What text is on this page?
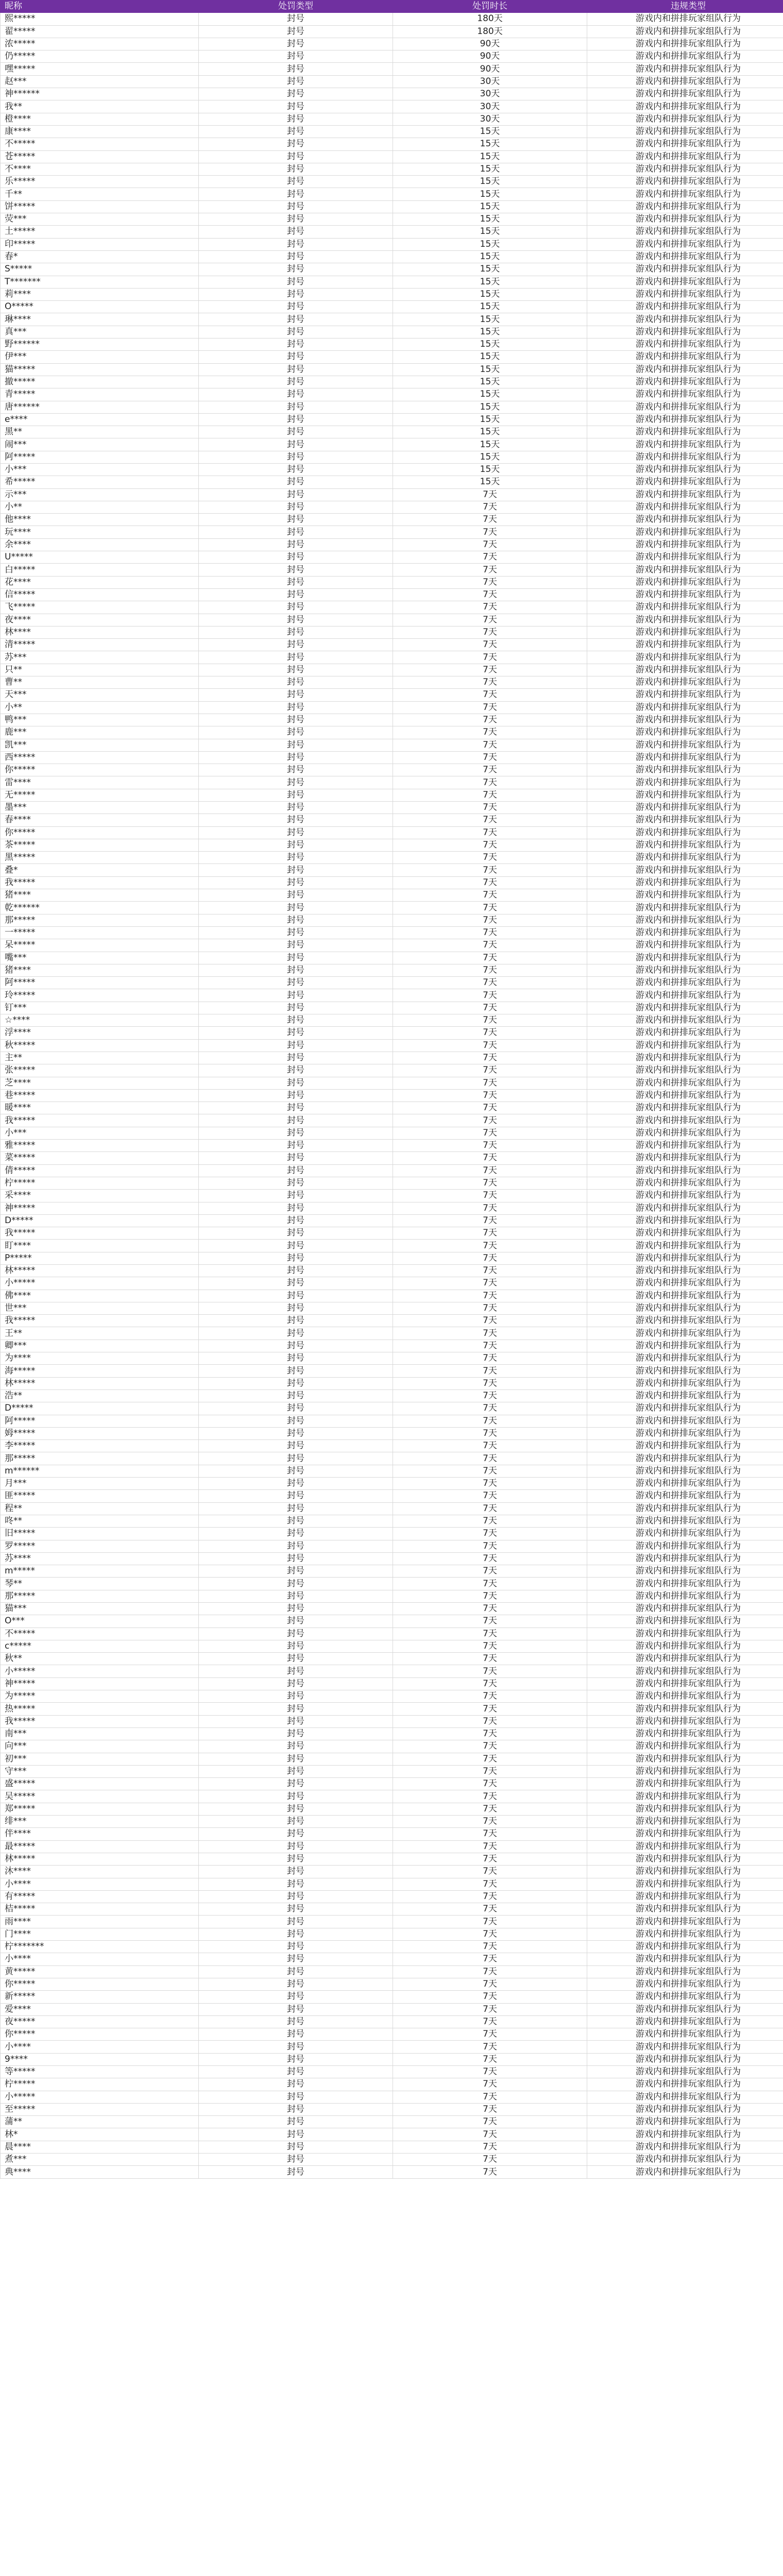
昵称	处罚类型	处罚时长	违规类型
熙*****	封号	180天	游戏内和拼排玩家组队行为
翟*****	封号	180天	游戏内和拼排玩家组队行为
浓*****	封号	90天	游戏内和拼排玩家组队行为
仍*****	封号	90天	游戏内和拼排玩家组队行为
嘿*****	封号	90天	游戏内和拼排玩家组队行为
赵***	封号	30天	游戏内和拼排玩家组队行为
神******	封号	30天	游戏内和拼排玩家组队行为
我**	封号	30天	游戏内和拼排玩家组队行为
橙****	封号	30天	游戏内和拼排玩家组队行为
康****	封号	15天	游戏内和拼排玩家组队行为
不*****	封号	15天	游戏内和拼排玩家组队行为
苍*****	封号	15天	游戏内和拼排玩家组队行为
不****	封号	15天	游戏内和拼排玩家组队行为
乐*****	封号	15天	游戏内和拼排玩家组队行为
千**	封号	15天	游戏内和拼排玩家组队行为
饼*****	封号	15天	游戏内和拼排玩家组队行为
荧***	封号	15天	游戏内和拼排玩家组队行为
土*****	封号	15天	游戏内和拼排玩家组队行为
印*****	封号	15天	游戏内和拼排玩家组队行为
春*	封号	15天	游戏内和拼排玩家组队行为
S*****	封号	15天	游戏内和拼排玩家组队行为
T*******	封号	15天	游戏内和拼排玩家组队行为
莉****	封号	15天	游戏内和拼排玩家组队行为
O*****	封号	15天	游戏内和拼排玩家组队行为
琳****	封号	15天	游戏内和拼排玩家组队行为
真***	封号	15天	游戏内和拼排玩家组队行为
野******	封号	15天	游戏内和拼排玩家组队行为
伊***	封号	15天	游戏内和拼排玩家组队行为
猫*****	封号	15天	游戏内和拼排玩家组队行为
撤*****	封号	15天	游戏内和拼排玩家组队行为
青*****	封号	15天	游戏内和拼排玩家组队行为
唐******	封号	15天	游戏内和拼排玩家组队行为
e****	封号	15天	游戏内和拼排玩家组队行为
黑**	封号	15天	游戏内和拼排玩家组队行为
闹***	封号	15天	游戏内和拼排玩家组队行为
阿*****	封号	15天	游戏内和拼排玩家组队行为
小***	封号	15天	游戏内和拼排玩家组队行为
希*****	封号	15天	游戏内和拼排玩家组队行为
示***	封号	7天	游戏内和拼排玩家组队行为
小**	封号	7天	游戏内和拼排玩家组队行为
他****	封号	7天	游戏内和拼排玩家组队行为
玩****	封号	7天	游戏内和拼排玩家组队行为
余****	封号	7天	游戏内和拼排玩家组队行为
U*****	封号	7天	游戏内和拼排玩家组队行为
白*****	封号	7天	游戏内和拼排玩家组队行为
花****	封号	7天	游戏内和拼排玩家组队行为
信*****	封号	7天	游戏内和拼排玩家组队行为
飞*****	封号	7天	游戏内和拼排玩家组队行为
夜****	封号	7天	游戏内和拼排玩家组队行为
林****	封号	7天	游戏内和拼排玩家组队行为
清*****	封号	7天	游戏内和拼排玩家组队行为
苏***	封号	7天	游戏内和拼排玩家组队行为
只**	封号	7天	游戏内和拼排玩家组队行为
曹**	封号	7天	游戏内和拼排玩家组队行为
天***	封号	7天	游戏内和拼排玩家组队行为
小**	封号	7天	游戏内和拼排玩家组队行为
鸭***	封号	7天	游戏内和拼排玩家组队行为
鹿***	封号	7天	游戏内和拼排玩家组队行为
凯***	封号	7天	游戏内和拼排玩家组队行为
西*****	封号	7天	游戏内和拼排玩家组队行为
你*****	封号	7天	游戏内和拼排玩家组队行为
雷****	封号	7天	游戏内和拼排玩家组队行为
无*****	封号	7天	游戏内和拼排玩家组队行为
墨***	封号	7天	游戏内和拼排玩家组队行为
春****	封号	7天	游戏内和拼排玩家组队行为
你*****	封号	7天	游戏内和拼排玩家组队行为
茶*****	封号	7天	游戏内和拼排玩家组队行为
黑*****	封号	7天	游戏内和拼排玩家组队行为
叠*	封号	7天	游戏内和拼排玩家组队行为
我*****	封号	7天	游戏内和拼排玩家组队行为
猪****	封号	7天	游戏内和拼排玩家组队行为
乾******	封号	7天	游戏内和拼排玩家组队行为
那*****	封号	7天	游戏内和拼排玩家组队行为
一*****	封号	7天	游戏内和拼排玩家组队行为
呆*****	封号	7天	游戏内和拼排玩家组队行为
嘴***	封号	7天	游戏内和拼排玩家组队行为
猪****	封号	7天	游戏内和拼排玩家组队行为
阿*****	封号	7天	游戏内和拼排玩家组队行为
玲*****	封号	7天	游戏内和拼排玩家组队行为
钉***	封号	7天	游戏内和拼排玩家组队行为
☆****	封号	7天	游戏内和拼排玩家组队行为
浮****	封号	7天	游戏内和拼排玩家组队行为
秋*****	封号	7天	游戏内和拼排玩家组队行为
主**	封号	7天	游戏内和拼排玩家组队行为
张*****	封号	7天	游戏内和拼排玩家组队行为
芝****	封号	7天	游戏内和拼排玩家组队行为
巷*****	封号	7天	游戏内和拼排玩家组队行为
暖****	封号	7天	游戏内和拼排玩家组队行为
我*****	封号	7天	游戏内和拼排玩家组队行为
小***	封号	7天	游戏内和拼排玩家组队行为
雅*****	封号	7天	游戏内和拼排玩家组队行为
菜*****	封号	7天	游戏内和拼排玩家组队行为
倩*****	封号	7天	游戏内和拼排玩家组队行为
柠*****	封号	7天	游戏内和拼排玩家组队行为
采****	封号	7天	游戏内和拼排玩家组队行为
神*****	封号	7天	游戏内和拼排玩家组队行为
D*****	封号	7天	游戏内和拼排玩家组队行为
我*****	封号	7天	游戏内和拼排玩家组队行为
盯****	封号	7天	游戏内和拼排玩家组队行为
P*****	封号	7天	游戏内和拼排玩家组队行为
林*****	封号	7天	游戏内和拼排玩家组队行为
小*****	封号	7天	游戏内和拼排玩家组队行为
佛****	封号	7天	游戏内和拼排玩家组队行为
世***	封号	7天	游戏内和拼排玩家组队行为
我*****	封号	7天	游戏内和拼排玩家组队行为
王**	封号	7天	游戏内和拼排玩家组队行为
卿***	封号	7天	游戏内和拼排玩家组队行为
为****	封号	7天	游戏内和拼排玩家组队行为
海*****	封号	7天	游戏内和拼排玩家组队行为
林*****	封号	7天	游戏内和拼排玩家组队行为
浩**	封号	7天	游戏内和拼排玩家组队行为
D*****	封号	7天	游戏内和拼排玩家组队行为
阿*****	封号	7天	游戏内和拼排玩家组队行为
姆*****	封号	7天	游戏内和拼排玩家组队行为
李*****	封号	7天	游戏内和拼排玩家组队行为
那*****	封号	7天	游戏内和拼排玩家组队行为
m******	封号	7天	游戏内和拼排玩家组队行为
月***	封号	7天	游戏内和拼排玩家组队行为
匪*****	封号	7天	游戏内和拼排玩家组队行为
程**	封号	7天	游戏内和拼排玩家组队行为
咚**	封号	7天	游戏内和拼排玩家组队行为
旧*****	封号	7天	游戏内和拼排玩家组队行为
罗*****	封号	7天	游戏内和拼排玩家组队行为
苏****	封号	7天	游戏内和拼排玩家组队行为
m*****	封号	7天	游戏内和拼排玩家组队行为
琴**	封号	7天	游戏内和拼排玩家组队行为
那*****	封号	7天	游戏内和拼排玩家组队行为
猫***	封号	7天	游戏内和拼排玩家组队行为
O***	封号	7天	游戏内和拼排玩家组队行为
不*****	封号	7天	游戏内和拼排玩家组队行为
c*****	封号	7天	游戏内和拼排玩家组队行为
秋**	封号	7天	游戏内和拼排玩家组队行为
小*****	封号	7天	游戏内和拼排玩家组队行为
神*****	封号	7天	游戏内和拼排玩家组队行为
为*****	封号	7天	游戏内和拼排玩家组队行为
热*****	封号	7天	游戏内和拼排玩家组队行为
我*****	封号	7天	游戏内和拼排玩家组队行为
南***	封号	7天	游戏内和拼排玩家组队行为
向***	封号	7天	游戏内和拼排玩家组队行为
初***	封号	7天	游戏内和拼排玩家组队行为
守***	封号	7天	游戏内和拼排玩家组队行为
盛*****	封号	7天	游戏内和拼排玩家组队行为
吴*****	封号	7天	游戏内和拼排玩家组队行为
郑*****	封号	7天	游戏内和拼排玩家组队行为
绯***	封号	7天	游戏内和拼排玩家组队行为
伴****	封号	7天	游戏内和拼排玩家组队行为
最*****	封号	7天	游戏内和拼排玩家组队行为
林*****	封号	7天	游戏内和拼排玩家组队行为
沐****	封号	7天	游戏内和拼排玩家组队行为
小****	封号	7天	游戏内和拼排玩家组队行为
有*****	封号	7天	游戏内和拼排玩家组队行为
桔*****	封号	7天	游戏内和拼排玩家组队行为
雨****	封号	7天	游戏内和拼排玩家组队行为
门****	封号	7天	游戏内和拼排玩家组队行为
柠*******	封号	7天	游戏内和拼排玩家组队行为
小****	封号	7天	游戏内和拼排玩家组队行为
黄*****	封号	7天	游戏内和拼排玩家组队行为
你*****	封号	7天	游戏内和拼排玩家组队行为
新*****	封号	7天	游戏内和拼排玩家组队行为
爱****	封号	7天	游戏内和拼排玩家组队行为
夜*****	封号	7天	游戏内和拼排玩家组队行为
你*****	封号	7天	游戏内和拼排玩家组队行为
小****	封号	7天	游戏内和拼排玩家组队行为
9****	封号	7天	游戏内和拼排玩家组队行为
等*****	封号	7天	游戏内和拼排玩家组队行为
柠*****	封号	7天	游戏内和拼排玩家组队行为
小*****	封号	7天	游戏内和拼排玩家组队行为
至*****	封号	7天	游戏内和拼排玩家组队行为
蒲**	封号	7天	游戏内和拼排玩家组队行为
林*	封号	7天	游戏内和拼排玩家组队行为
晨****	封号	7天	游戏内和拼排玩家组队行为
煮***	封号	7天	游戏内和拼排玩家组队行为
典****	封号	7天	游戏内和拼排玩家组队行为
